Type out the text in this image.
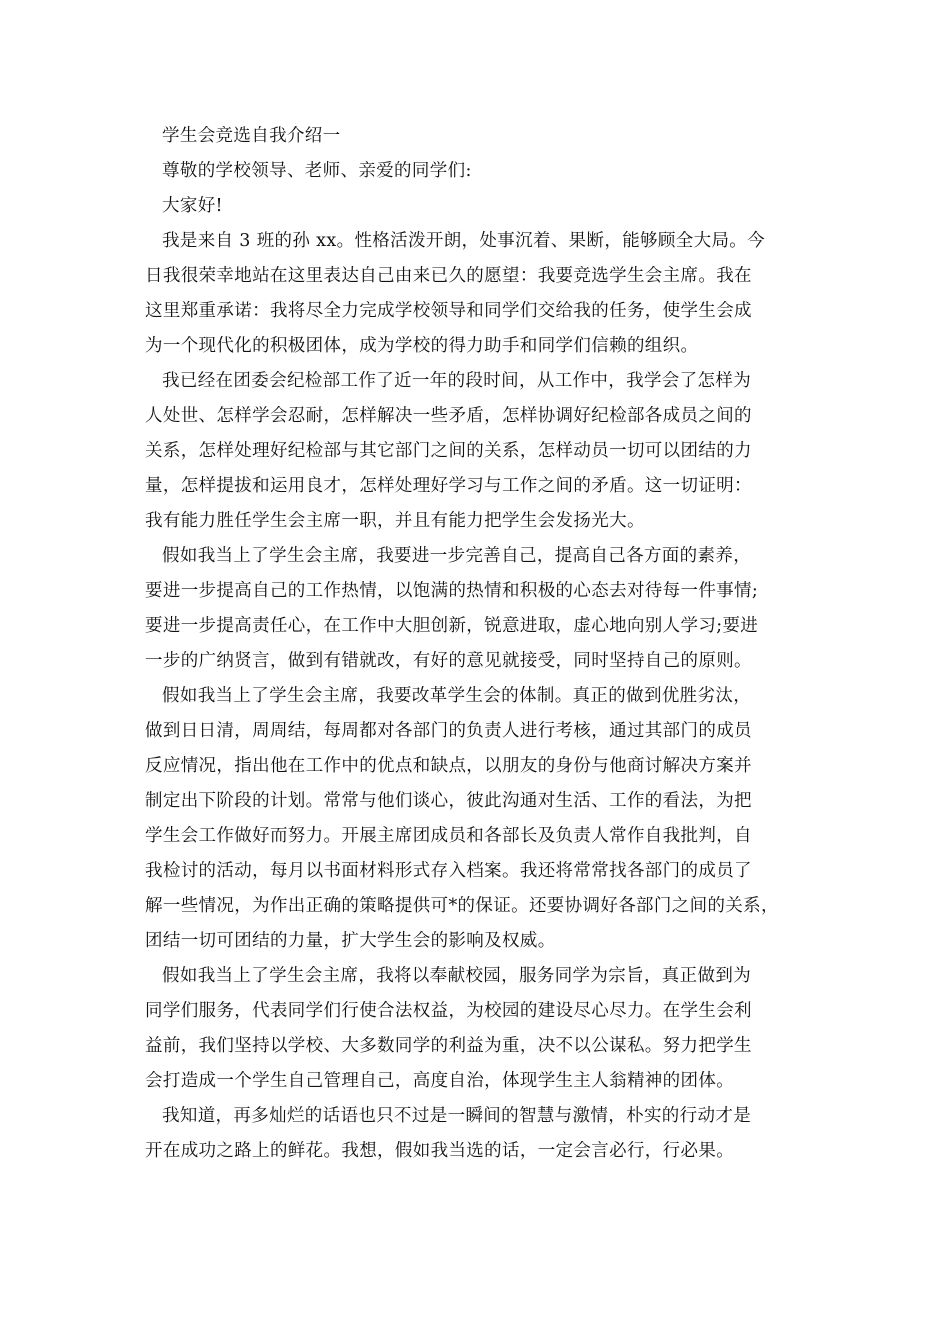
学生会竞选自我介绍一
尊敬的学校领导、老师、亲爱的同学们:
大家好!
我是来自 3 班的孙 xx。性格活泼开朗，处事沉着、果断，能够顾全大局。今
日我很荣幸地站在这里表达自己由来已久的愿望：我要竞选学生会主席。我在
这里郑重承诺：我将尽全力完成学校领导和同学们交给我的任务，使学生会成
为一个现代化的积极团体，成为学校的得力助手和同学们信赖的组织。
我已经在团委会纪检部工作了近一年的段时间，从工作中，我学会了怎样为
人处世、怎样学会忍耐，怎样解决一些矛盾，怎样协调好纪检部各成员之间的
关系，怎样处理好纪检部与其它部门之间的关系，怎样动员一切可以团结的力
量，怎样提拔和运用良才，怎样处理好学习与工作之间的矛盾。这一切证明：
我有能力胜任学生会主席一职，并且有能力把学生会发扬光大。
假如我当上了学生会主席，我要进一步完善自己，提高自己各方面的素养，
要进一步提高自己的工作热情，以饱满的热情和积极的心态去对待每一件事情;
要进一步提高责任心，在工作中大胆创新，锐意进取，虚心地向别人学习;要进
一步的广纳贤言，做到有错就改，有好的意见就接受，同时坚持自己的原则。
假如我当上了学生会主席，我要改革学生会的体制。真正的做到优胜劣汰，
做到日日清，周周结，每周都对各部门的负责人进行考核，通过其部门的成员
反应情况，指出他在工作中的优点和缺点，以朋友的身份与他商讨解决方案并
制定出下阶段的计划。常常与他们谈心，彼此沟通对生活、工作的看法，为把
学生会工作做好而努力。开展主席团成员和各部长及负责人常作自我批判，自
我检讨的活动，每月以书面材料形式存入档案。我还将常常找各部门的成员了
解一些情况，为作出正确的策略提供可*的保证。还要协调好各部门之间的关系，
团结一切可团结的力量，扩大学生会的影响及权威。
假如我当上了学生会主席，我将以奉献校园，服务同学为宗旨，真正做到为
同学们服务，代表同学们行使合法权益，为校园的建设尽心尽力。在学生会利
益前，我们坚持以学校、大多数同学的利益为重，决不以公谋私。努力把学生
会打造成一个学生自己管理自己，高度自治，体现学生主人翁精神的团体。
我知道，再多灿烂的话语也只不过是一瞬间的智慧与激情，朴实的行动才是
开在成功之路上的鲜花。我想，假如我当选的话，一定会言必行，行必果。
